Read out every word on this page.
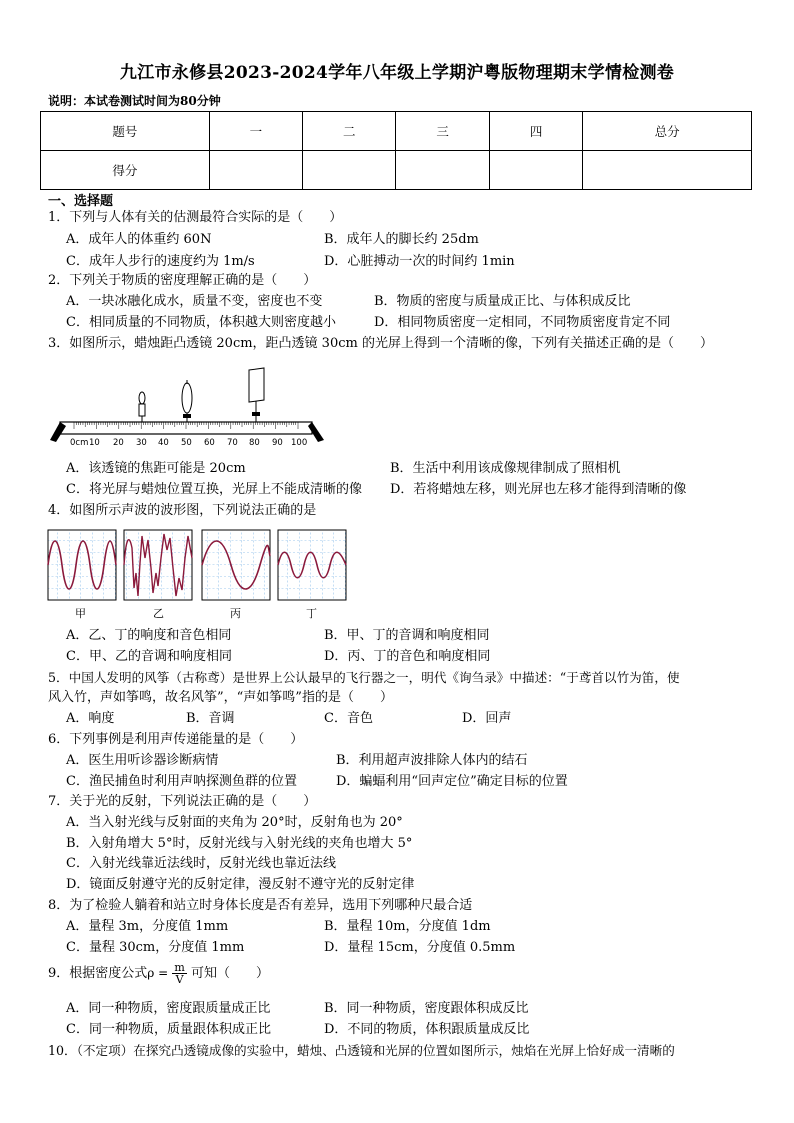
九江市永修县2023-2024学年八年级上学期沪粤版物理期末学情检测卷
说明：本试卷测试时间为80分钟
题号	一	二	三	四	总分
得分					
一、选择题
1．下列与人体有关的估测最符合实际的是（　　）
A．成年人的体重约 60N	B．成年人的脚长约 25dm
C．成年人步行的速度约为 1m/s	D．心脏搏动一次的时间约 1min
2．下列关于物质的密度理解正确的是（　　）
A．一块冰融化成水，质量不变，密度也不变	B．物质的密度与质量成正比、与体积成反比
C．相同质量的不同物质，体积越大则密度越小	D．相同物质密度一定相同，不同物质密度肯定不同
3．如图所示，蜡烛距凸透镜 20cm，距凸透镜 30cm 的光屏上得到一个清晰的像，下列有关描述正确的是（　　）
0cm 10 20 30 40 50 60 70 80 90 100
A．该透镜的焦距可能是 20cm	B．生活中利用该成像规律制成了照相机
C．将光屏与蜡烛位置互换，光屏上不能成清晰的像 D．若将蜡烛左移，则光屏也左移才能得到清晰的像
4．如图所示声波的波形图，下列说法正确的是
甲	乙	丙	丁
A．乙、丁的响度和音色相同	B．甲、丁的音调和响度相同
C．甲、乙的音调和响度相同	D．丙、丁的音色和响度相同
5．中国人发明的风筝（古称鸢）是世界上公认最早的飞行器之一，明代《询刍录》中描述：“于鸢首以竹为笛，使
风入竹，声如筝鸣，故名风筝”，“声如筝鸣”指的是（　　）
A．响度	B．音调	C．音色	D．回声
6．下列事例是利用声传递能量的是（　　）
A．医生用听诊器诊断病情	B．利用超声波排除人体内的结石
C．渔民捕鱼时利用声呐探测鱼群的位置	D．蝙蝠利用“回声定位”确定目标的位置
7．关于光的反射，下列说法正确的是（　　）
A．当入射光线与反射面的夹角为 20°时，反射角也为 20°
B．入射角增大 5°时，反射光线与入射光线的夹角也增大 5°
C．入射光线靠近法线时，反射光线也靠近法线
D．镜面反射遵守光的反射定律，漫反射不遵守光的反射定律
8．为了检验人躺着和站立时身体长度是否有差异，选用下列哪种尺最合适
A．量程 3m，分度值 1mm	B．量程 10m，分度值 1dm
C．量程 30cm，分度值 1mm	D．量程 15cm，分度值 0.5mm
9．根据密度公式$\rho = \frac{m}{V}$ 可知（　　）
A．同一种物质，密度跟质量成正比	B．同一种物质，密度跟体积成反比
C．同一种物质，质量跟体积成正比	D．不同的物质，体积跟质量成反比
10．（不定项）在探究凸透镜成像的实验中，蜡烛、凸透镜和光屏的位置如图所示，烛焰在光屏上恰好成一清晰的
